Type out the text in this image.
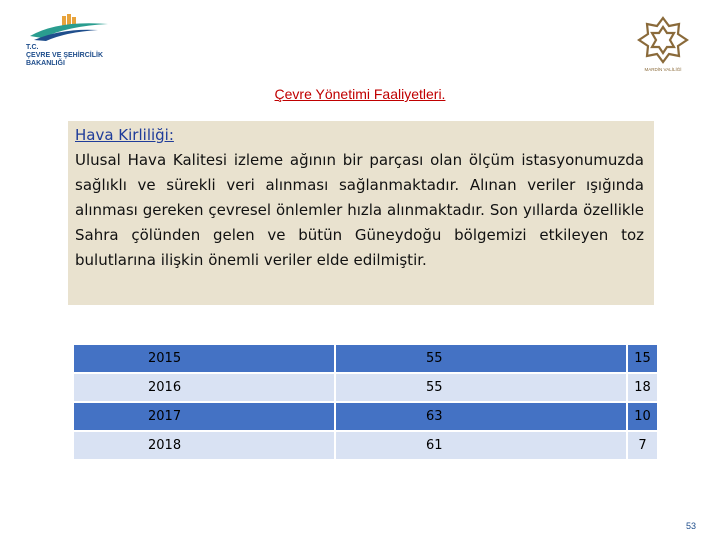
T.C.
ÇEVRE VE ŞEHİRCİLİK
BAKANLIĞI
MARDİN VALİLİĞİ
Çevre Yönetimi Faaliyetleri.
Hava Kirliliği:

Ulusal Hava Kalitesi izleme ağının bir parçası olan ölçüm istasyonumuzda sağlıklı ve sürekli veri alınması sağlanmaktadır. Alınan veriler ışığında alınması gereken çevresel önlemler hızla alınmaktadır. Son yıllarda özellikle Sahra çölünden gelen ve bütün Güneydoğu bölgemizi etkileyen toz bulutlarına ilişkin önemli veriler elde edilmiştir.

2015	55	15
2016	55	18
2017	63	10
2018	61	7
53
